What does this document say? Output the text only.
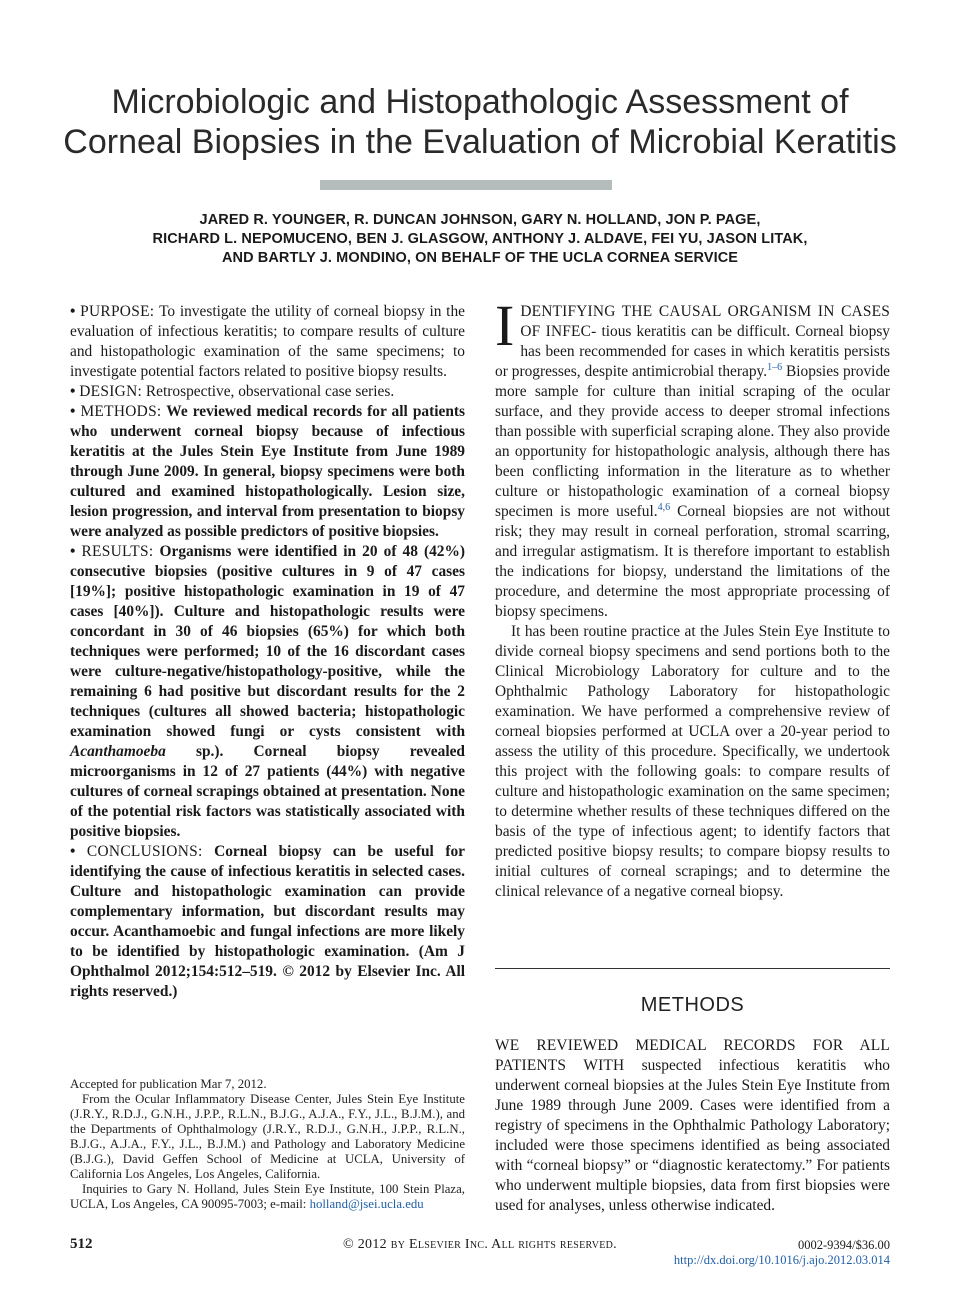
Microbiologic and Histopathologic Assessment of
Corneal Biopsies in the Evaluation of Microbial Keratitis
JARED R. YOUNGER, R. DUNCAN JOHNSON, GARY N. HOLLAND, JON P. PAGE,
RICHARD L. NEPOMUCENO, BEN J. GLASGOW, ANTHONY J. ALDAVE, FEI YU, JASON LITAK,
AND BARTLY J. MONDINO, ON BEHALF OF THE UCLA CORNEA SERVICE

• PURPOSE: To investigate the utility of corneal biopsy in the evaluation of infectious keratitis; to compare results of culture and histopathologic examination of the same specimens; to investigate potential factors related to positive biopsy results.

• DESIGN: Retrospective, observational case series.

• METHODS: We reviewed medical records for all patients who underwent corneal biopsy because of infectious keratitis at the Jules Stein Eye Institute from June 1989 through June 2009. In general, biopsy specimens were both cultured and examined histopathologically. Lesion size, lesion progression, and interval from presentation to biopsy were analyzed as possible predictors of positive biopsies.

• RESULTS: Organisms were identified in 20 of 48 (42%) consecutive biopsies (positive cultures in 9 of 47 cases [19%]; positive histopathologic examination in 19 of 47 cases [40%]). Culture and histopathologic results were concordant in 30 of 46 biopsies (65%) for which both techniques were performed; 10 of the 16 discordant cases were culture-negative/histopathology-positive, while the remaining 6 had positive but discordant results for the 2 techniques (cultures all showed bacteria; histopathologic examination showed fungi or cysts consistent with Acanthamoeba sp.). Corneal biopsy revealed microorganisms in 12 of 27 patients (44%) with negative cultures of corneal scrapings obtained at presentation. None of the potential risk factors was statistically associated with positive biopsies.

• CONCLUSIONS: Corneal biopsy can be useful for identifying the cause of infectious keratitis in selected cases. Culture and histopathologic examination can provide complementary information, but discordant results may occur. Acanthamoebic and fungal infections are more likely to be identified by histopathologic examination. (Am J Ophthalmol 2012;154:512–519. © 2012 by Elsevier Inc. All rights reserved.)

IDENTIFYING THE CAUSAL ORGANISM IN CASES OF INFEC- tious keratitis can be difficult. Corneal biopsy has been recommended for cases in which keratitis persists or progresses, despite antimicrobial therapy.$^{1-6}$ Biopsies provide more sample for culture than initial scraping of the ocular surface, and they provide access to deeper stromal infections than possible with superficial scraping alone. They also provide an opportunity for histopathologic analysis, although there has been conflicting information in the literature as to whether culture or histopathologic examination of a corneal biopsy specimen is more useful.$^{4,6}$ Corneal biopsies are not without risk; they may result in corneal perforation, stromal scarring, and irregular astigmatism. It is therefore important to establish the indications for biopsy, understand the limitations of the procedure, and determine the most appropriate processing of biopsy specimens.

It has been routine practice at the Jules Stein Eye Institute to divide corneal biopsy specimens and send portions both to the Clinical Microbiology Laboratory for culture and to the Ophthalmic Pathology Laboratory for histopathologic examination. We have performed a comprehensive review of corneal biopsies performed at UCLA over a 20-year period to assess the utility of this procedure. Specifically, we undertook this project with the following goals: to compare results of culture and histopathologic examination on the same specimen; to determine whether results of these techniques differed on the basis of the type of infectious agent; to identify factors that predicted positive biopsy results; to compare biopsy results to initial cultures of corneal scrapings; and to determine the clinical relevance of a negative corneal biopsy.

METHODS

WE REVIEWED MEDICAL RECORDS FOR ALL PATIENTS WITH suspected infectious keratitis who underwent corneal biopsies at the Jules Stein Eye Institute from June 1989 through June 2009. Cases were identified from a registry of specimens in the Ophthalmic Pathology Laboratory; included were those specimens identified as being associated with “corneal biopsy” or “diagnostic keratectomy.” For patients who underwent multiple biopsies, data from first biopsies were used for analyses, unless otherwise indicated.

Accepted for publication Mar 7, 2012.

From the Ocular Inflammatory Disease Center, Jules Stein Eye Institute (J.R.Y., R.D.J., G.N.H., J.P.P., R.L.N., B.J.G., A.J.A., F.Y., J.L., B.J.M.), and the Departments of Ophthalmology (J.R.Y., R.D.J., G.N.H., J.P.P., R.L.N., B.J.G., A.J.A., F.Y., J.L., B.J.M.) and Pathology and Laboratory Medicine (B.J.G.), David Geffen School of Medicine at UCLA, University of California Los Angeles, Los Angeles, California.

Inquiries to Gary N. Holland, Jules Stein Eye Institute, 100 Stein Plaza, UCLA, Los Angeles, CA 90095-7003; e-mail: holland@jsei.ucla.edu

512	© 2012 by Elsevier Inc. All rights reserved.	0002-9394/$36.00
http://dx.doi.org/10.1016/j.ajo.2012.03.014
